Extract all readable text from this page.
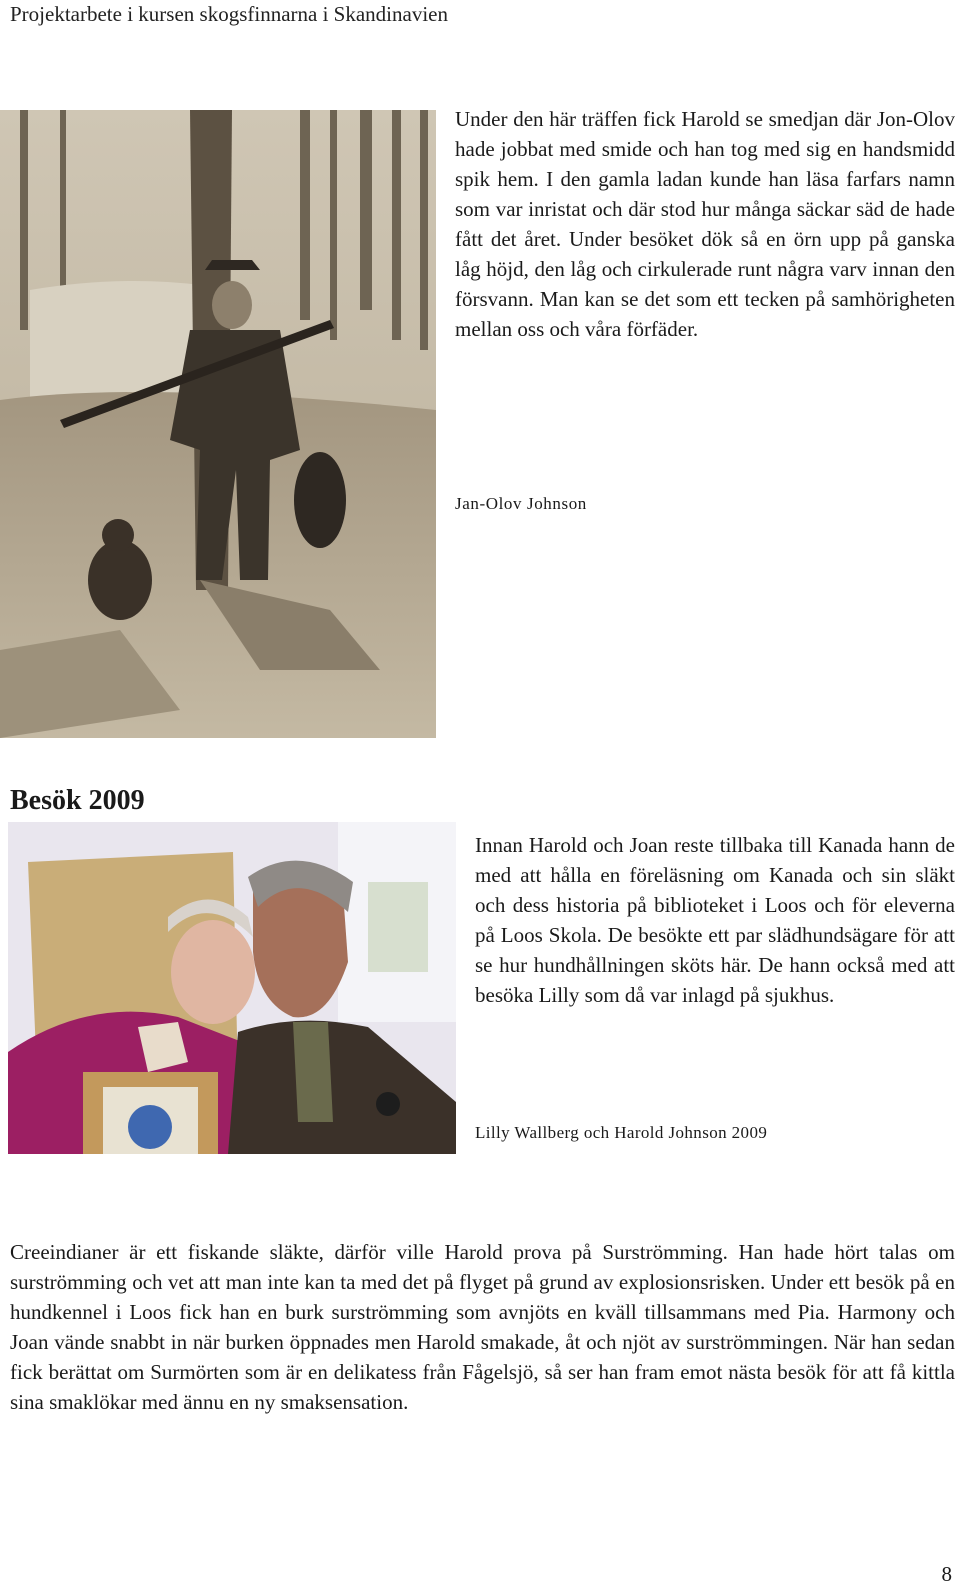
Projektarbete i kursen skogsfinnarna i Skandinavien
Under den här träffen fick Harold se smedjan där Jon-Olov hade jobbat med smide och han tog med sig en handsmidd spik hem. I den gamla ladan kunde han läsa farfars namn som var inristat och där stod hur många säckar säd de hade fått det året. Under besöket dök så en örn upp på ganska låg höjd, den låg och cirkulerade runt några varv innan den försvann. Man kan se det som ett tecken på samhörigheten mellan oss och våra förfäder.
Jan-Olov Johnson
Besök 2009
Innan Harold och Joan reste tillbaka till Kanada hann de med att hålla en föreläsning om Kanada och sin släkt och dess historia på biblioteket i Loos och för eleverna på Loos Skola. De besökte ett par slädhundsägare för att se hur hundhållningen sköts här. De hann också med att besöka Lilly som då var inlagd på sjukhus.
Lilly Wallberg och Harold Johnson 2009
Creeindianer är ett fiskande släkte, därför ville Harold prova på Surströmming. Han hade hört talas om surströmming och vet att man inte kan ta med det på flyget på grund av explosionsrisken. Under ett besök på en hundkennel i Loos fick han en burk surströmming som avnjöts en kväll tillsammans med Pia. Harmony och Joan vände snabbt in när burken öppnades men Harold smakade, åt och njöt av surströmmingen. När han sedan fick berättat om Surmörten som är en delikatess från Fågelsjö, så ser han fram emot nästa besök för att få kittla sina smaklökar med ännu en ny smaksensation.
8
